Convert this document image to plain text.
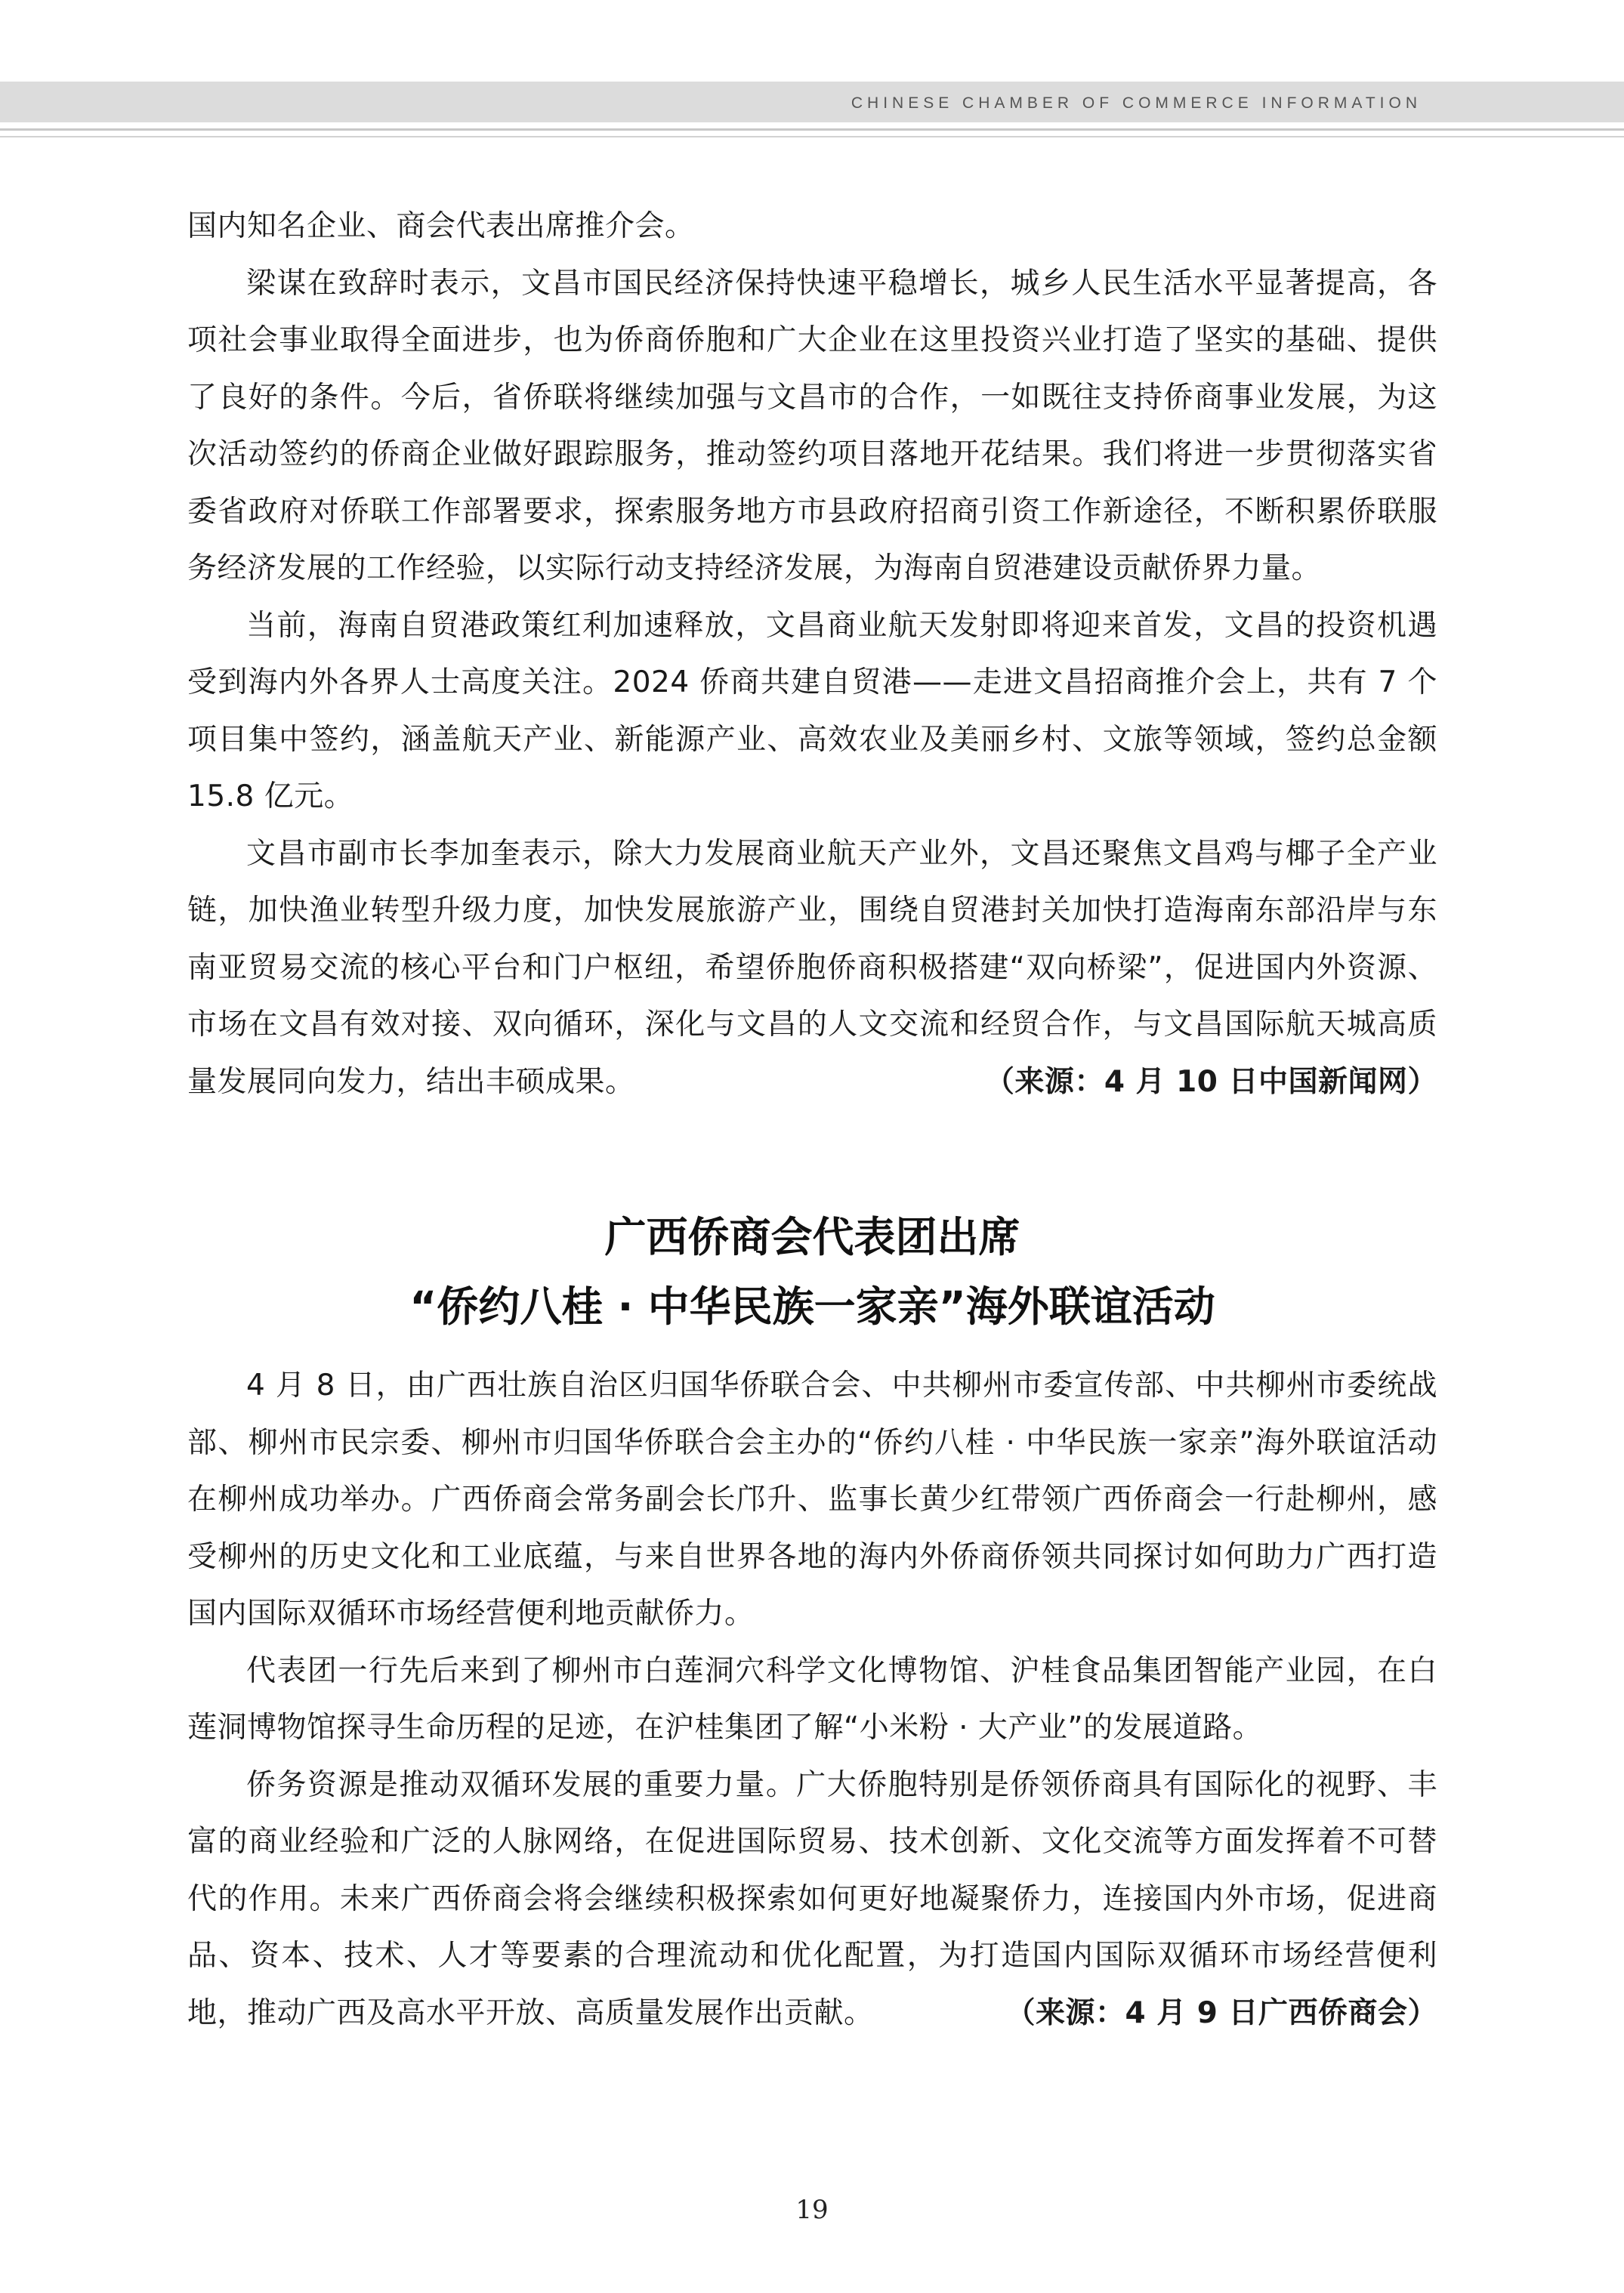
CHINESE CHAMBER OF COMMERCE INFORMATION

国内知名企业、商会代表出席推介会。

梁谋在致辞时表示，文昌市国民经济保持快速平稳增长，城乡人民生活水平显著提高，各项社会事业取得全面进步，也为侨商侨胞和广大企业在这里投资兴业打造了坚实的基础、提供了良好的条件。今后，省侨联将继续加强与文昌市的合作，一如既往支持侨商事业发展，为这次活动签约的侨商企业做好跟踪服务，推动签约项目落地开花结果。我们将进一步贯彻落实省委省政府对侨联工作部署要求，探索服务地方市县政府招商引资工作新途径，不断积累侨联服务经济发展的工作经验，以实际行动支持经济发展，为海南自贸港建设贡献侨界力量。

当前，海南自贸港政策红利加速释放，文昌商业航天发射即将迎来首发，文昌的投资机遇受到海内外各界人士高度关注。2024 侨商共建自贸港——走进文昌招商推介会上，共有 7 个项目集中签约，涵盖航天产业、新能源产业、高效农业及美丽乡村、文旅等领域，签约总金额 15.8 亿元。

文昌市副市长李加奎表示，除大力发展商业航天产业外，文昌还聚焦文昌鸡与椰子全产业链，加快渔业转型升级力度，加快发展旅游产业，围绕自贸港封关加快打造海南东部沿岸与东南亚贸易交流的核心平台和门户枢纽，希望侨胞侨商积极搭建“双向桥梁”，促进国内外资源、市场在文昌有效对接、双向循环，深化与文昌的人文交流和经贸合作，与文昌国际航天城高质量发展同向发力，结出丰硕成果。	（来源：4 月 10 日中国新闻网）

广西侨商会代表团出席
“侨约八桂 · 中华民族一家亲”海外联谊活动

4 月 8 日，由广西壮族自治区归国华侨联合会、中共柳州市委宣传部、中共柳州市委统战部、柳州市民宗委、柳州市归国华侨联合会主办的“侨约八桂 · 中华民族一家亲”海外联谊活动在柳州成功举办。广西侨商会常务副会长邝升、监事长黄少红带领广西侨商会一行赴柳州，感受柳州的历史文化和工业底蕴，与来自世界各地的海内外侨商侨领共同探讨如何助力广西打造国内国际双循环市场经营便利地贡献侨力。

代表团一行先后来到了柳州市白莲洞穴科学文化博物馆、沪桂食品集团智能产业园，在白莲洞博物馆探寻生命历程的足迹，在沪桂集团了解“小米粉 · 大产业”的发展道路。

侨务资源是推动双循环发展的重要力量。广大侨胞特别是侨领侨商具有国际化的视野、丰富的商业经验和广泛的人脉网络，在促进国际贸易、技术创新、文化交流等方面发挥着不可替代的作用。未来广西侨商会将会继续积极探索如何更好地凝聚侨力，连接国内外市场，促进商品、资本、技术、人才等要素的合理流动和优化配置，为打造国内国际双循环市场经营便利地，推动广西及高水平开放、高质量发展作出贡献。	（来源：4 月 9 日广西侨商会）

19
